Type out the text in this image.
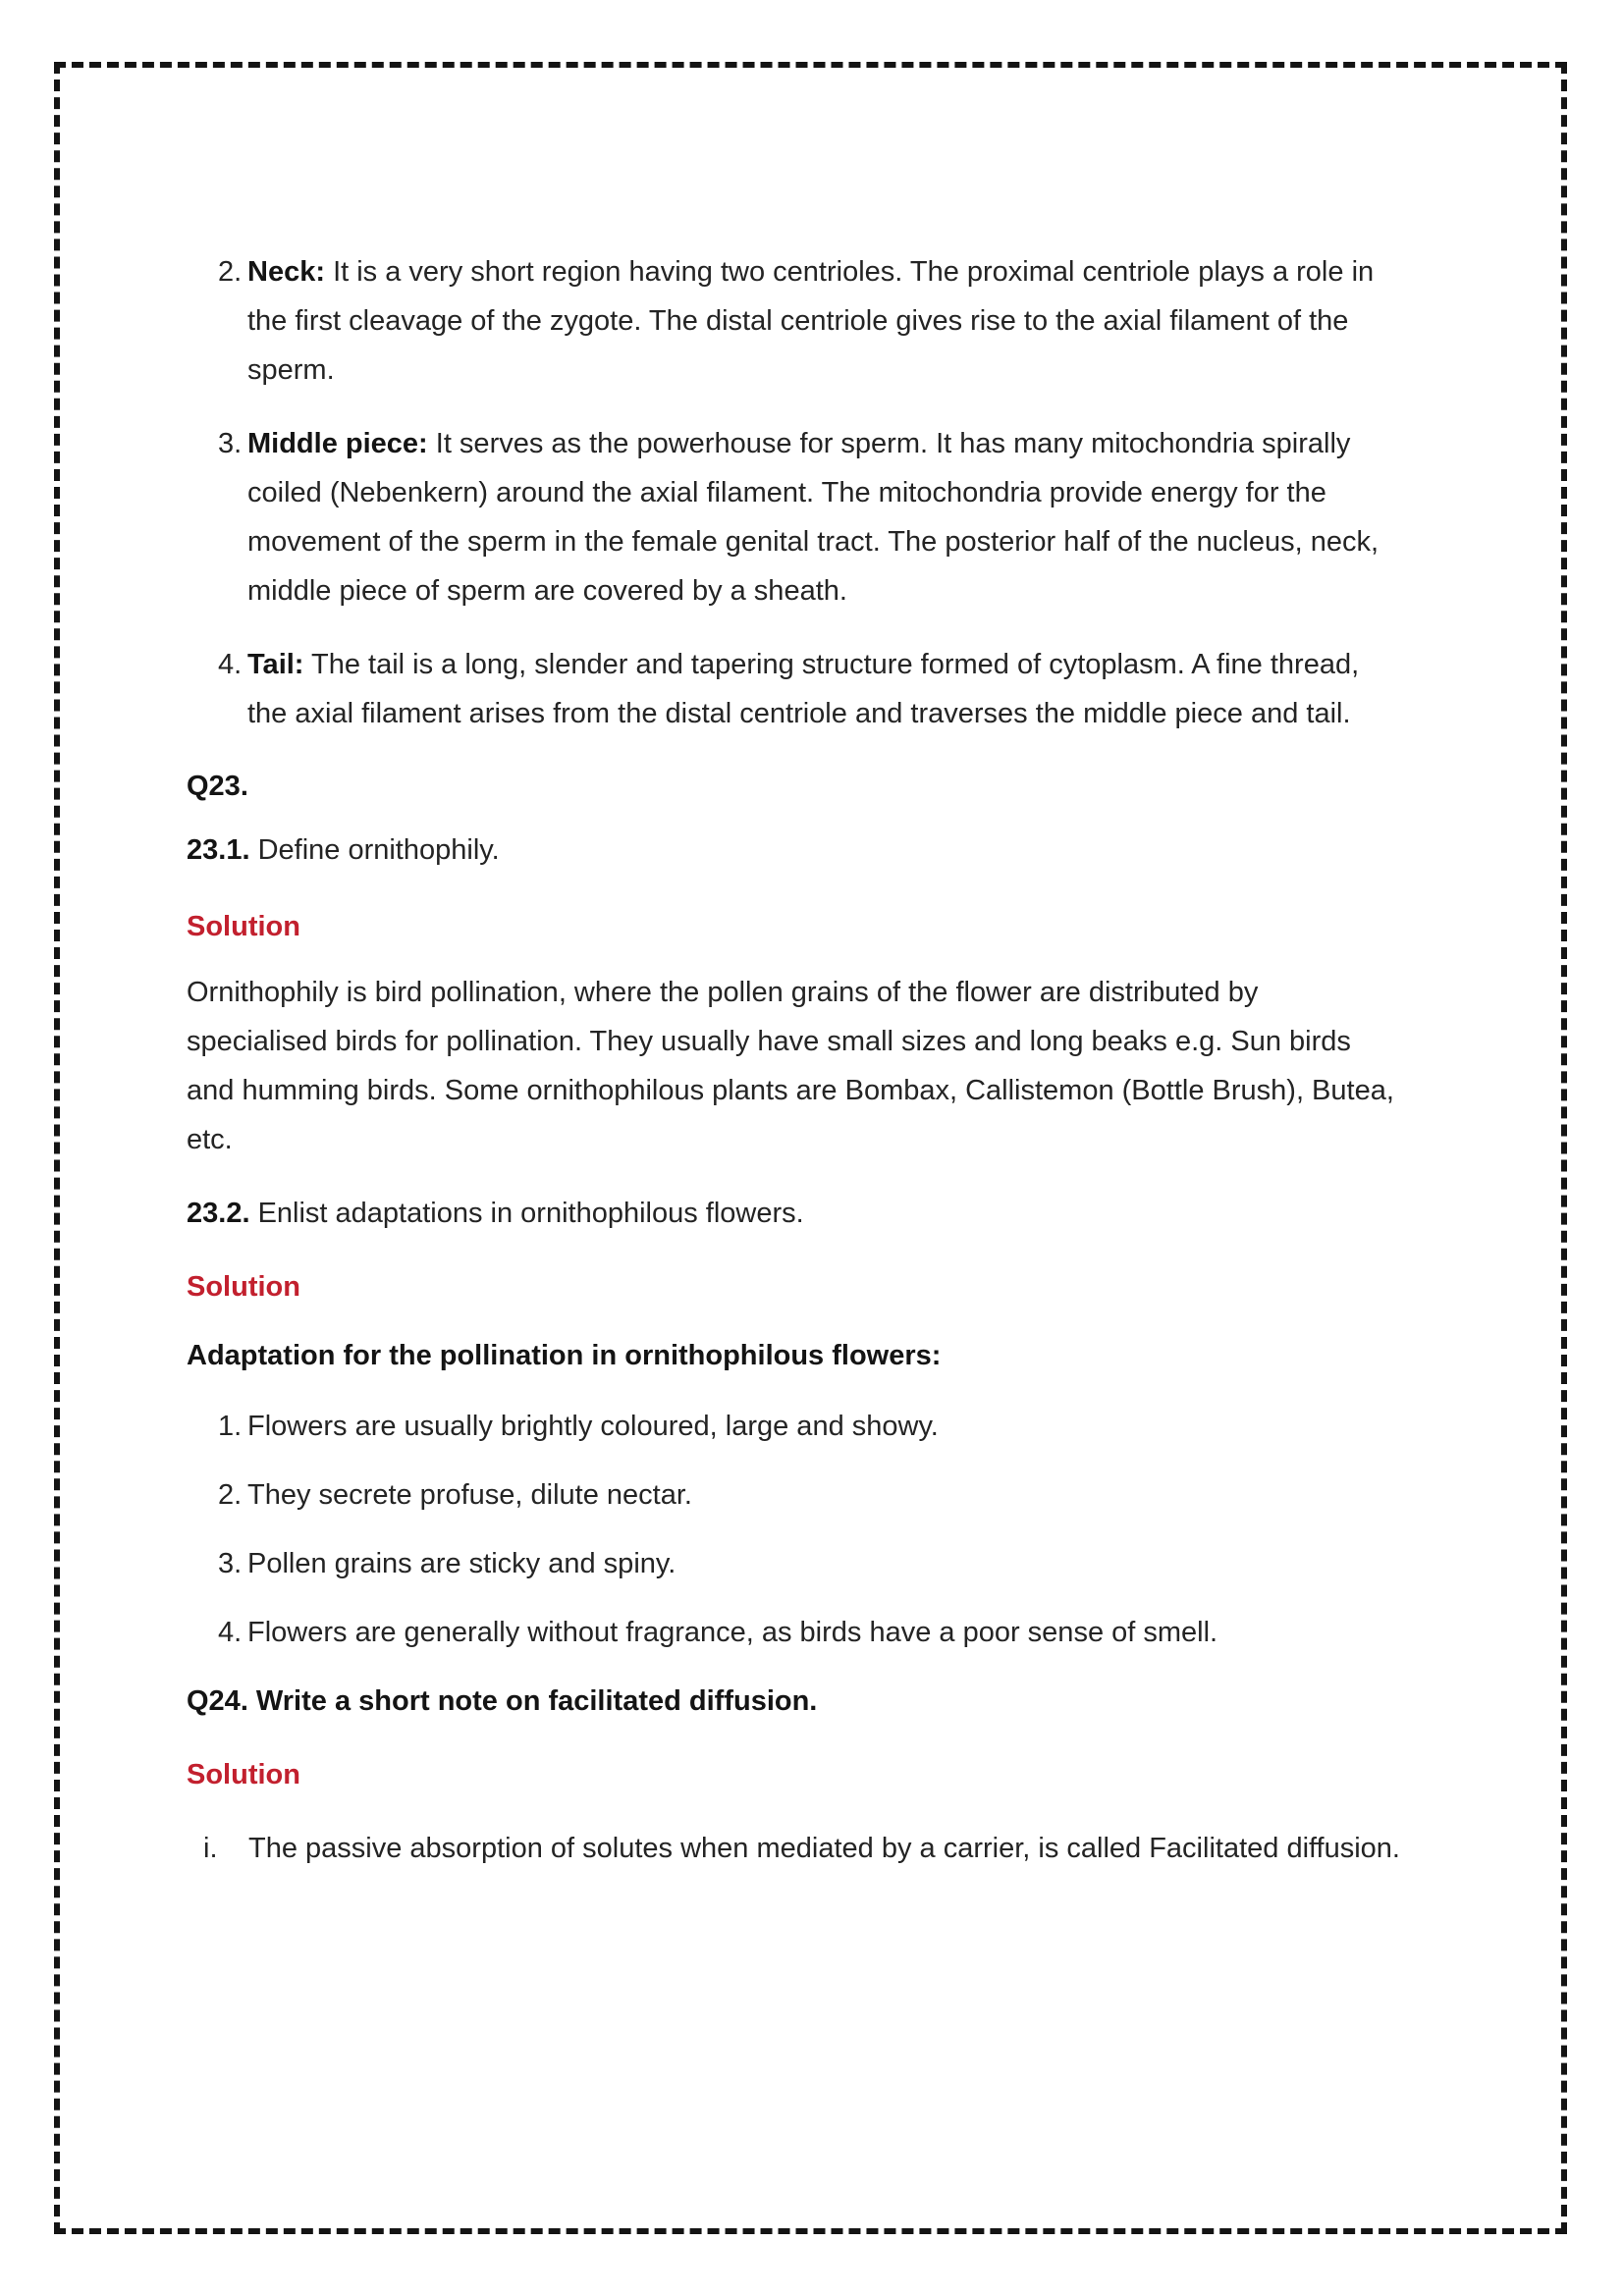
2. Neck: It is a very short region having two centrioles. The proximal centriole plays a role in the first cleavage of the zygote. The distal centriole gives rise to the axial filament of the sperm.
3. Middle piece: It serves as the powerhouse for sperm. It has many mitochondria spirally coiled (Nebenkern) around the axial filament. The mitochondria provide energy for the movement of the sperm in the female genital tract. The posterior half of the nucleus, neck, middle piece of sperm are covered by a sheath.
4. Tail: The tail is a long, slender and tapering structure formed of cytoplasm. A fine thread, the axial filament arises from the distal centriole and traverses the middle piece and tail.
Q23.
23.1. Define ornithophily.
Solution

Ornithophily is bird pollination, where the pollen grains of the flower are distributed by specialised birds for pollination. They usually have small sizes and long beaks e.g. Sun birds and humming birds. Some ornithophilous plants are Bombax, Callistemon (Bottle Brush), Butea, etc.

23.2. Enlist adaptations in ornithophilous flowers.
Solution
Adaptation for the pollination in ornithophilous flowers:
1. Flowers are usually brightly coloured, large and showy.
2. They secrete profuse, dilute nectar.
3. Pollen grains are sticky and spiny.
4. Flowers are generally without fragrance, as birds have a poor sense of smell.
Q24. Write a short note on facilitated diffusion.
Solution
i.	The passive absorption of solutes when mediated by a carrier, is called Facilitated diffusion.
